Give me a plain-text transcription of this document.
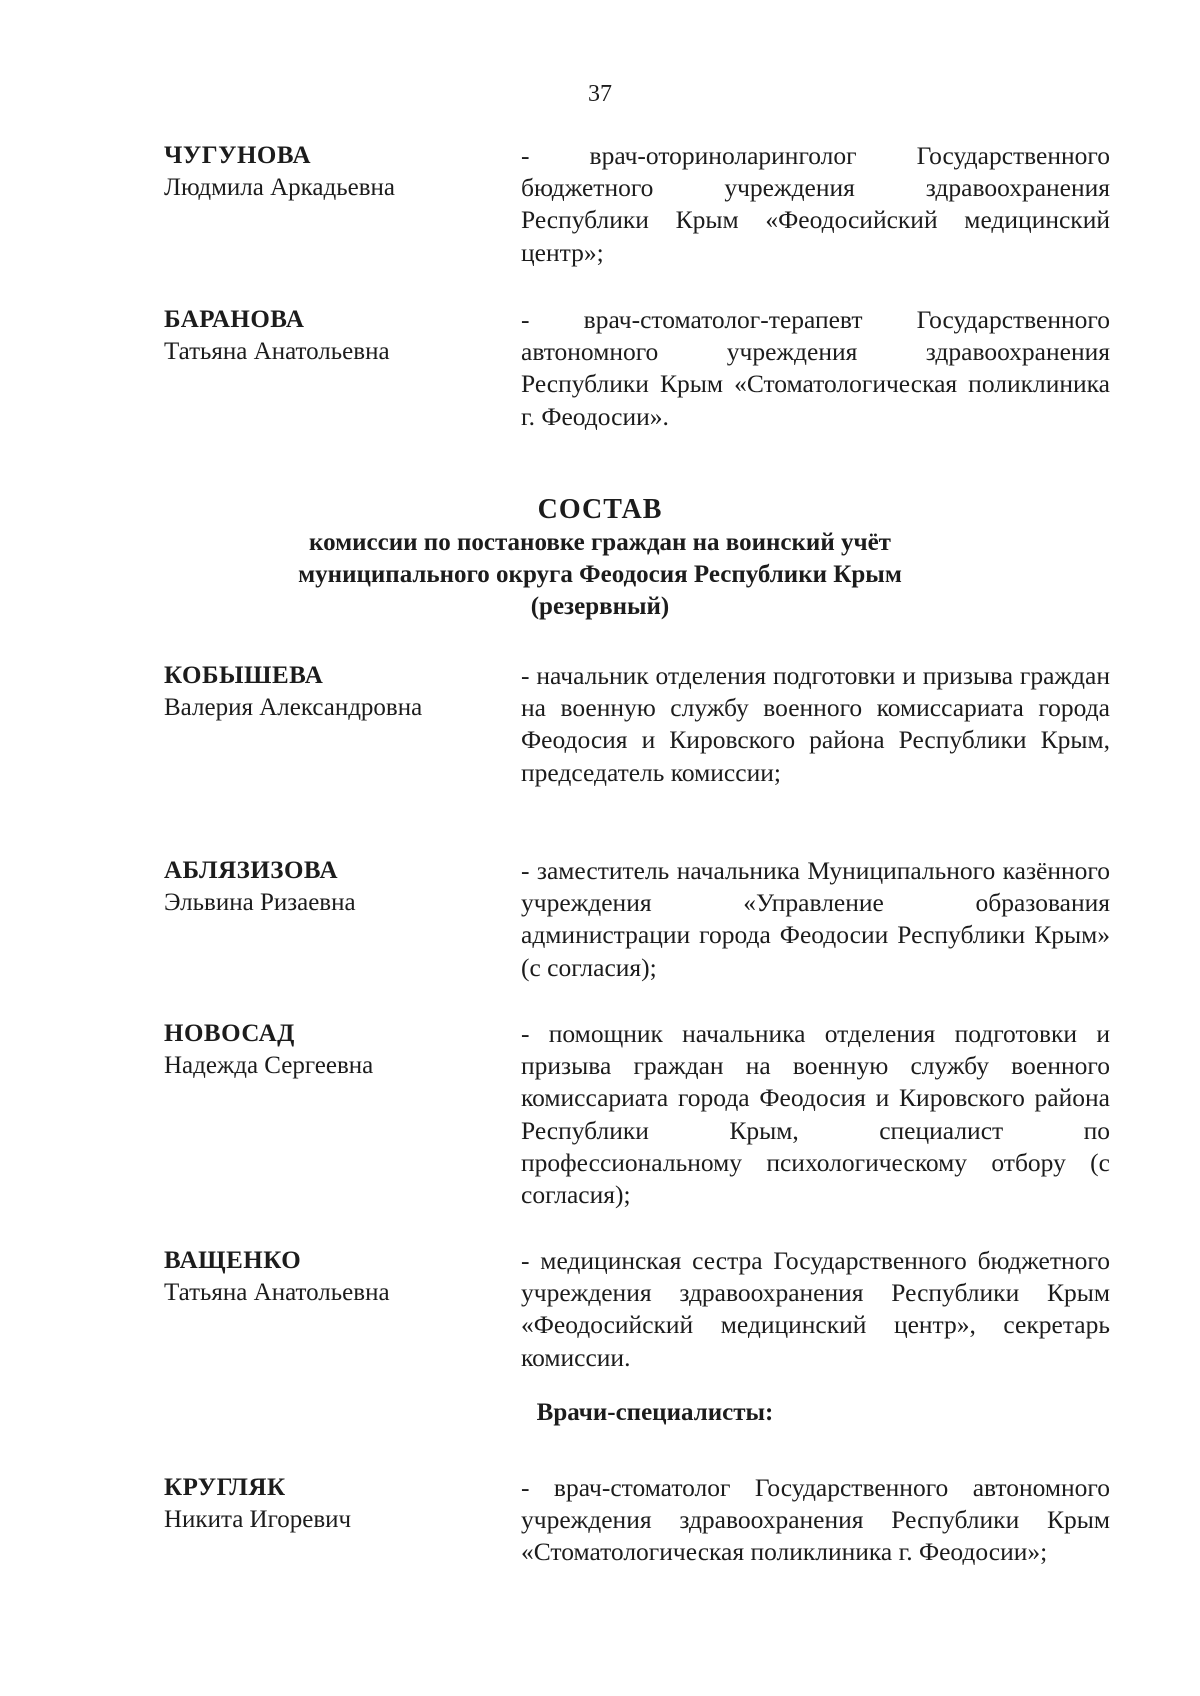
37

ЧУГУНОВА

Людмила Аркадьевна

- врач-оториноларинголог Государственного бюджетного учреждения здравоохранения Республики Крым «Феодосийский медицинский центр»;

БАРАНОВА

Татьяна Анатольевна

- врач-стоматолог-терапевт Государственного автономного учреждения здравоохранения Республики Крым «Стоматологическая поликлиника г. Феодосии».

СОСТАВ

комиссии по постановке граждан на воинский учёт

муниципального округа Феодосия Республики Крым

(резервный)

КОБЫШЕВА

Валерия Александровна

- начальник отделения подготовки и призыва граждан на военную службу военного комиссариата города Феодосия и Кировского района Республики Крым, председатель комиссии;

АБЛЯЗИЗОВА

Эльвина Ризаевна

- заместитель начальника Муниципального казённого учреждения «Управление образования администрации города Феодосии Республики Крым» (с согласия);

НОВОСАД

Надежда Сергеевна

- помощник начальника отделения подготовки и призыва граждан на военную службу военного комиссариата города Феодосия и Кировского района Республики Крым, специалист по профессиональному психологическому отбору (с согласия);

ВАЩЕНКО

Татьяна Анатольевна

- медицинская сестра Государственного бюджетного учреждения здравоохранения Республики Крым «Феодосийский медицинский центр», секретарь комиссии.

Врачи-специалисты:

КРУГЛЯК

Никита Игоревич

- врач-стоматолог Государственного автономного учреждения здравоохранения Республики Крым «Стоматологическая поликлиника г. Феодосии»;
